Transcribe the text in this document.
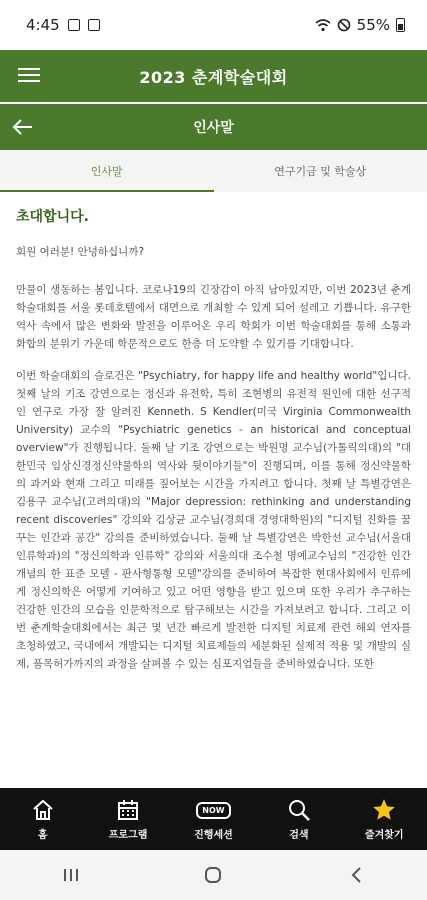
4:45	55%
2023 춘계학술대회
인사말
인사말	연구기금 및 학술상
초대합니다.

회원 여러분! 안녕하십니까?

만물이 생동하는 봄입니다. 코로나19의 긴장감이 아직 남아있지만, 이번 2023년 춘계학술대회를 서울 롯데호텔에서 대면으로 개최할 수 있게 되어 설레고 기쁩니다. 유구한 역사 속에서 많은 변화와 발전을 이루어온 우리 학회가 이번 학술대회를 통해 소통과 화합의 분위기 가운데 학문적으로도 한층 더 도약할 수 있기를 기대합니다.

이번 학술대회의 슬로건은 "Psychiatry, for happy life and healthy world"입니다. 첫째 날의 기조 강연으로는 정신과 유전학, 특히 조현병의 유전적 원인에 대한 선구적인 연구로 가장 잘 알려진 Kenneth. S Kendler(미국 Virginia Commonwealth University) 교수의 "Psychiatric genetics - an historical and conceptual overview"가 진행됩니다. 둘째 날 기조 강연으로는 박원명 교수님(가톨릭의대)의 "대한민국 임상신경정신약물학의 역사와 뒷이야기들"이 진행되며, 이를 통해 정신약물학의 과거와 현재 그리고 미래를 짚어보는 시간을 가지려고 합니다. 첫째 날 특별강연은 김용구 교수님(고려의대)의 "Major depression: rethinking and understanding recent discoveries" 강의와 김상균 교수님(경희대 경영대학원)의 "디지털 진화를 꿈꾸는 인간과 공간" 강의를 준비하였습니다. 둘째 날 특별강연은 박한선 교수님(서울대 인류학과)의 "정신의학과 인류학" 강의와 서울의대 조수철 명예교수님의 "건강한 인간 개념의 한 표준 모델 - 판사형통형 모델"강의를 준비하여 복잡한 현대사회에서 인류에게 정신의학은 어떻게 기여하고 있고 어떤 영향을 받고 있으며 또한 우리가 추구하는 건강한 인간의 모습을 인문학적으로 탐구해보는 시간을 가져보려고 합니다. 그리고 이번 춘계학술대회에서는 최근 몇 년간 빠르게 발전한 디지털 치료제 관련 해외 연자를 초청하였고, 국내에서 개발되는 디지털 치료제들의 세분화된 실제적 적용 및 개발의 실제, 품목허가까지의 과정을 살펴볼 수 있는 심포지엄들을 준비하였습니다. 또한

홈	프로그램
NOW
진행세션	검색	즐겨찾기
